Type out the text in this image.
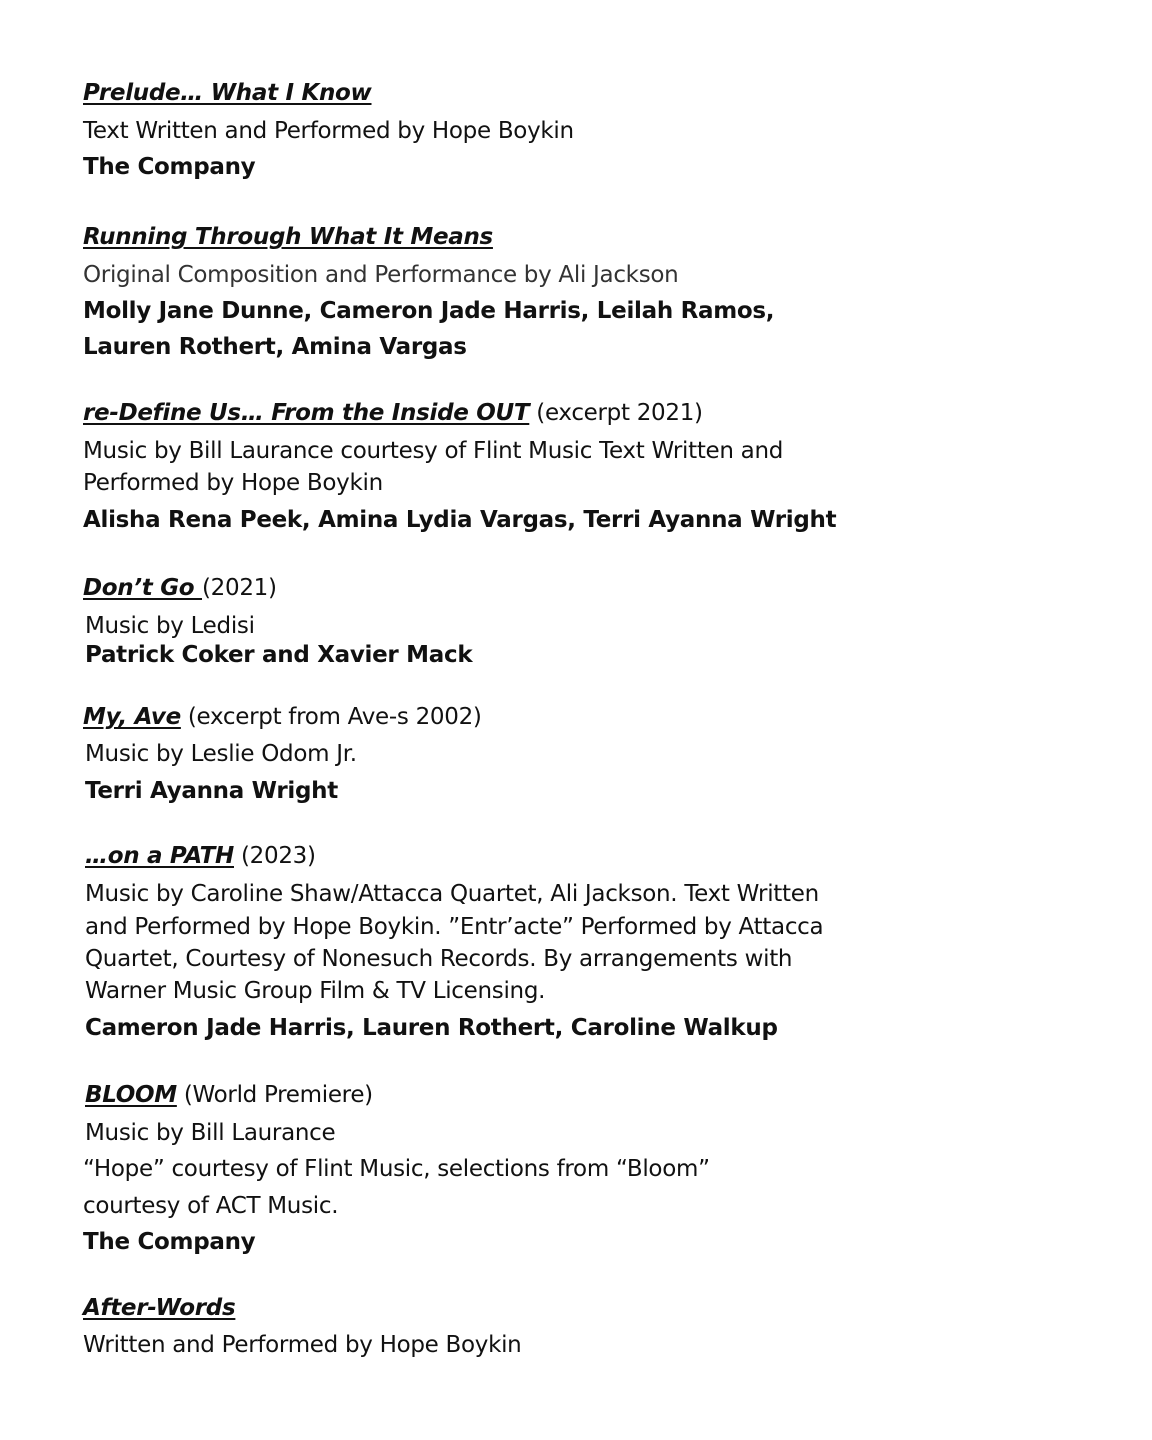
Prelude… What I Know

Text Written and Performed by Hope Boykin

The Company

Running Through What It Means

Original Composition and Performance by Ali Jackson

Molly Jane Dunne, Cameron Jade Harris, Leilah Ramos,

Lauren Rothert, Amina Vargas

re-Define Us… From the Inside OUT (excerpt 2021)

Music by Bill Laurance courtesy of Flint Music Text Written and

Performed by Hope Boykin

Alisha Rena Peek, Amina Lydia Vargas, Terri Ayanna Wright

Don’t Go (2021)

Music by Ledisi

Patrick Coker and Xavier Mack

My, Ave (excerpt from Ave-s 2002)

Music by Leslie Odom Jr.

Terri Ayanna Wright

…on a PATH (2023)

Music by Caroline Shaw/Attacca Quartet, Ali Jackson. Text Written

and Performed by Hope Boykin. ”Entr’acte” Performed by Attacca

Quartet, Courtesy of Nonesuch Records. By arrangements with

Warner Music Group Film & TV Licensing.

Cameron Jade Harris, Lauren Rothert, Caroline Walkup

BLOOM (World Premiere)

Music by Bill Laurance

“Hope” courtesy of Flint Music, selections from “Bloom”

courtesy of ACT Music.

The Company

After-Words

Written and Performed by Hope Boykin
